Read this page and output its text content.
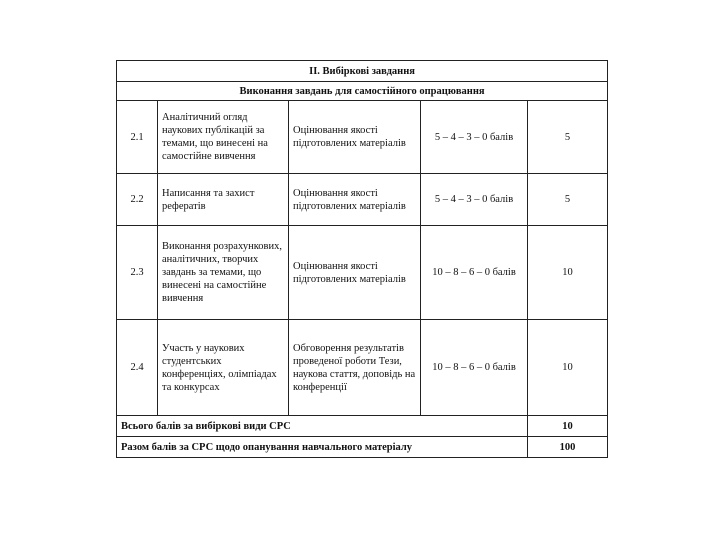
II. Вибіркові завдання				
Виконання завдань для самостійного опрацювання				
2.1	Аналітичний огляд наукових публікацій за темами, що винесені на самостійне вивчення	Оцінювання якості підготовлених матеріалів	5 – 4 – 3 – 0 балів	5
2.2	Написання та захист рефератів	Оцінювання якості підготовлених матеріалів	5 – 4 – 3 – 0 балів	5
2.3	Виконання розрахункових, аналітичних, творчих завдань за темами, що винесені на самостійне вивчення	Оцінювання якості підготовлених матеріалів	10 – 8 – 6 – 0 балів	10
2.4	Участь у наукових студентських конференціях, олімпіадах та конкурсах	Обговорення результатів проведеної роботи Тези, наукова стаття, доповідь на конференції	10 – 8 – 6 – 0 балів	10
Всього балів за вибіркові види СРС				10
Разом балів за СРС щодо опанування навчального матеріалу				100
